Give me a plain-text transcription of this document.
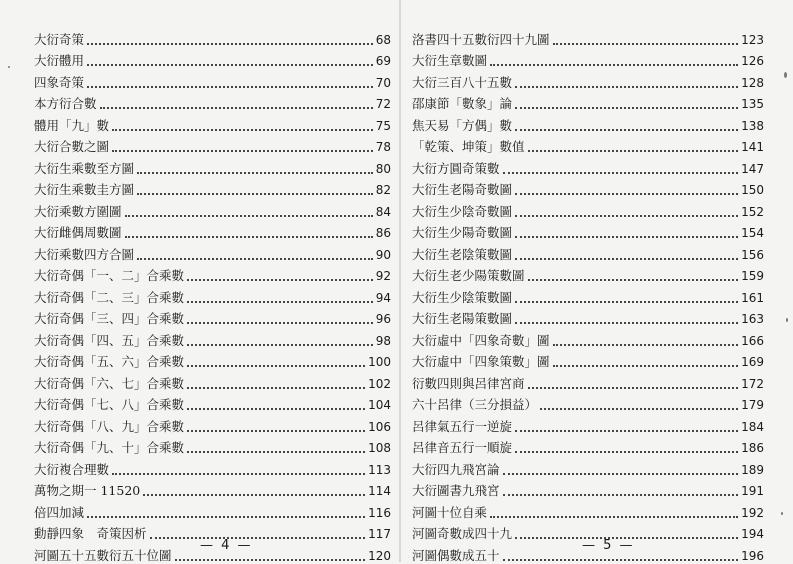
大衍奇策	68
大衍體用	69
四象奇策	70
本方衍合數	72
體用「九」數	75
大衍合數之圖	78
大衍生乘數至方圖	80
大衍生乘數圭方圖	82
大衍乘數方圍圖	84
大衍雌偶周數圖	86
大衍乘數四方合圖	90
大衍奇偶「一、二」合乘數	92
大衍奇偶「二、三」合乘數	94
大衍奇偶「三、四」合乘數	96
大衍奇偶「四、五」合乘數	98
大衍奇偶「五、六」合乘數	100
大衍奇偶「六、七」合乘數	102
大衍奇偶「七、八」合乘數	104
大衍奇偶「八、九」合乘數	106
大衍奇偶「九、十」合乘數	108
大衍複合理數	113
萬物之期一 11520	114
倍四加減	116
動靜四象　奇策因析	117
河圖五十五數衍五十位圖	120
— 4 —
洛書四十五數衍四十九圖	123
大衍生章數圖	126
大衍三百八十五數	128
邵康節「數象」論	135
焦天易「方偶」數	138
「乾策、坤策」數值	141
大衍方圓奇策數	147
大衍生老陽奇數圖	150
大衍生少陰奇數圖	152
大衍生少陽奇數圖	154
大衍生老陰策數圖	156
大衍生老少陽策數圖	159
大衍生少陰策數圖	161
大衍生老陽策數圖	163
大衍虛中「四象奇數」圖	166
大衍虛中「四象策數」圖	169
衍數四則與呂律宮商	172
六十呂律（三分損益）	179
呂律氣五行一逆旋	184
呂律音五行一順旋	186
大衍四九飛宮論	189
大衍圖書九飛宮	191
河圖十位自乘	192
河圖奇數成四十九	194
河圖偶數成五十	196
— 5 —
